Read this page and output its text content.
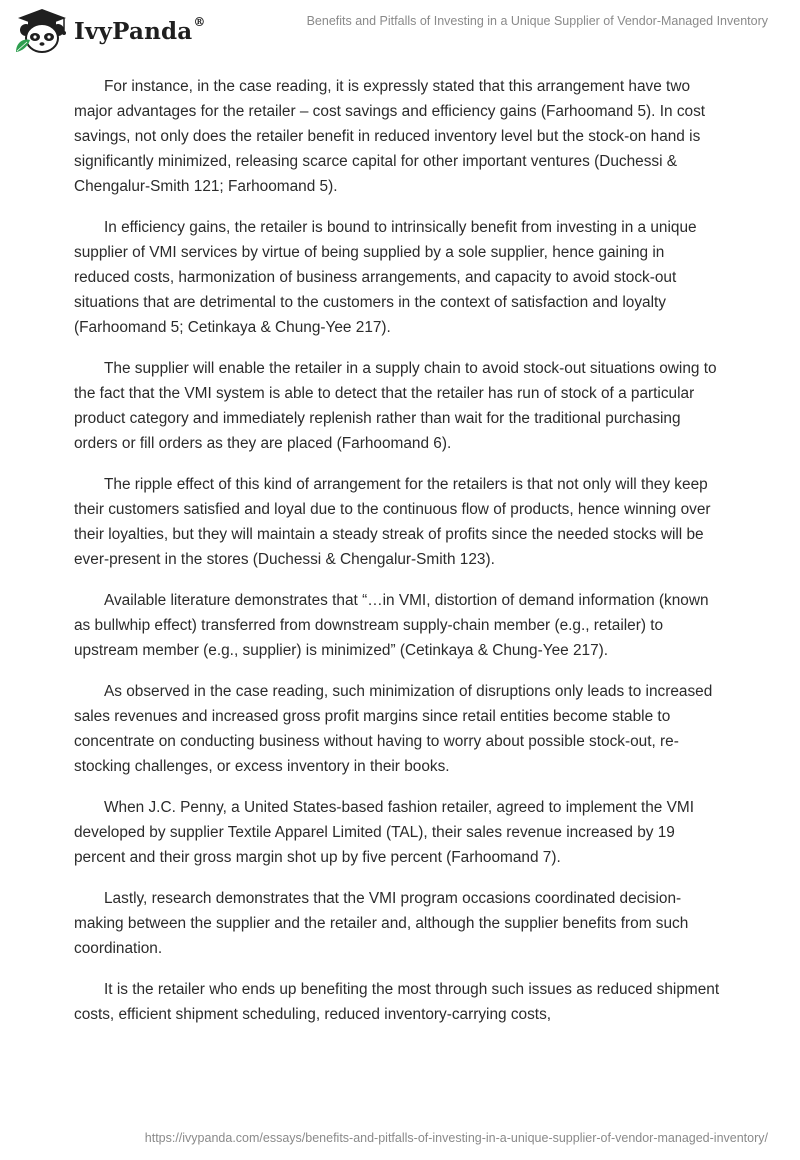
IvyPanda®	Benefits and Pitfalls of Investing in a Unique Supplier of Vendor-Managed Inventory

For instance, in the case reading, it is expressly stated that this arrangement have two major advantages for the retailer – cost savings and efficiency gains (Farhoomand 5). In cost savings, not only does the retailer benefit in reduced inventory level but the stock-on hand is significantly minimized, releasing scarce capital for other important ventures (Duchessi & Chengalur-Smith 121; Farhoomand 5).

In efficiency gains, the retailer is bound to intrinsically benefit from investing in a unique supplier of VMI services by virtue of being supplied by a sole supplier, hence gaining in reduced costs, harmonization of business arrangements, and capacity to avoid stock-out situations that are detrimental to the customers in the context of satisfaction and loyalty (Farhoomand 5; Cetinkaya & Chung-Yee 217).

The supplier will enable the retailer in a supply chain to avoid stock-out situations owing to the fact that the VMI system is able to detect that the retailer has run of stock of a particular product category and immediately replenish rather than wait for the traditional purchasing orders or fill orders as they are placed (Farhoomand 6).

The ripple effect of this kind of arrangement for the retailers is that not only will they keep their customers satisfied and loyal due to the continuous flow of products, hence winning over their loyalties, but they will maintain a steady streak of profits since the needed stocks will be ever-present in the stores (Duchessi & Chengalur-Smith 123).

Available literature demonstrates that “…in VMI, distortion of demand information (known as bullwhip effect) transferred from downstream supply-chain member (e.g., retailer) to upstream member (e.g., supplier) is minimized” (Cetinkaya & Chung-Yee 217).

As observed in the case reading, such minimization of disruptions only leads to increased sales revenues and increased gross profit margins since retail entities become stable to concentrate on conducting business without having to worry about possible stock-out, re-stocking challenges, or excess inventory in their books.

When J.C. Penny, a United States-based fashion retailer, agreed to implement the VMI developed by supplier Textile Apparel Limited (TAL), their sales revenue increased by 19 percent and their gross margin shot up by five percent (Farhoomand 7).

Lastly, research demonstrates that the VMI program occasions coordinated decision-making between the supplier and the retailer and, although the supplier benefits from such coordination.

It is the retailer who ends up benefiting the most through such issues as reduced shipment costs, efficient shipment scheduling, reduced inventory-carrying costs,

https://ivypanda.com/essays/benefits-and-pitfalls-of-investing-in-a-unique-supplier-of-vendor-managed-inventory/
